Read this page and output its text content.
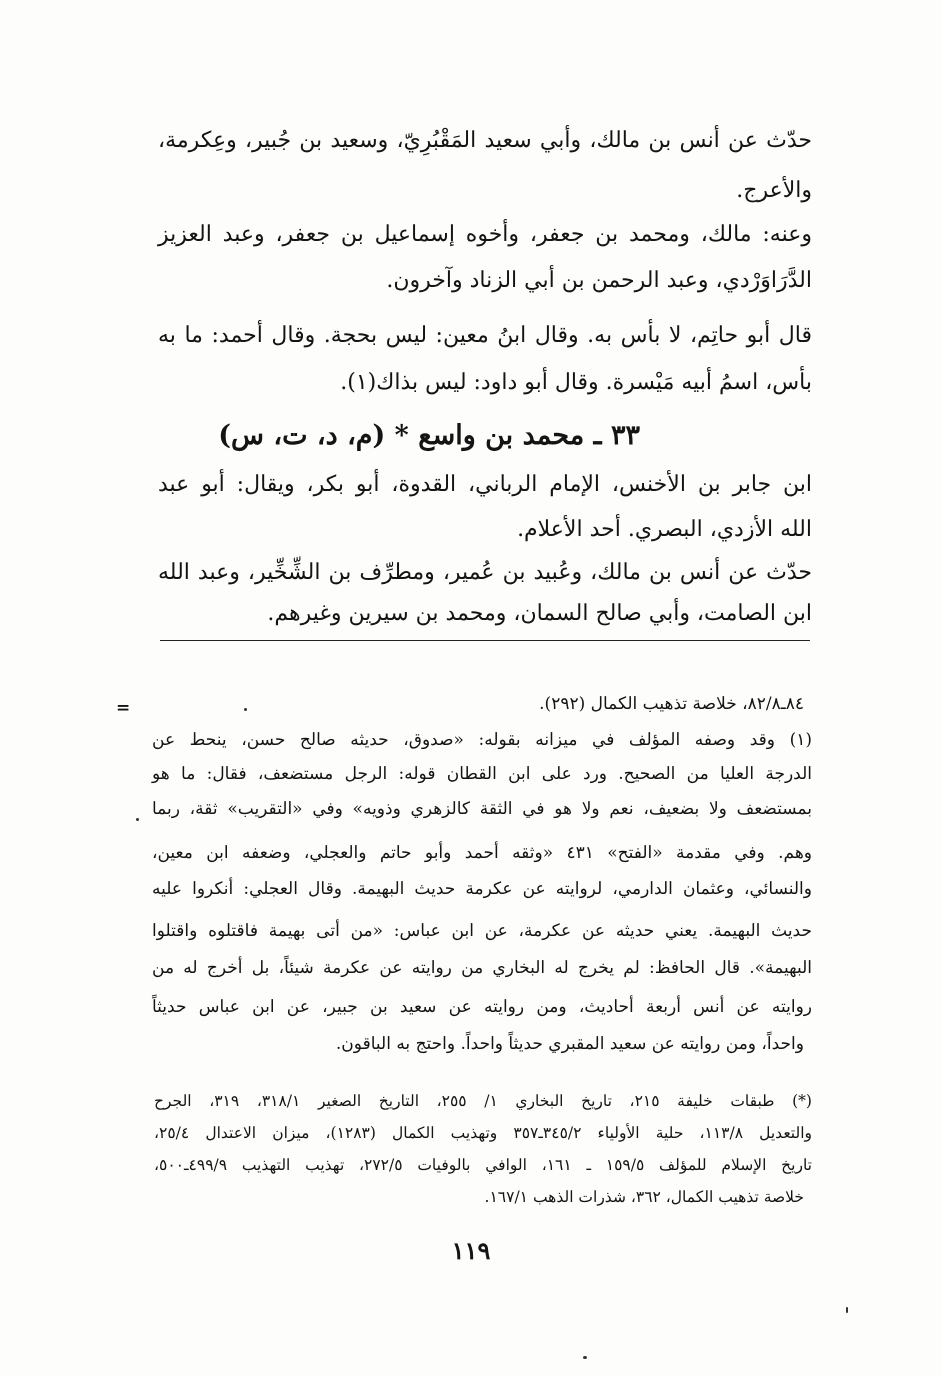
حدّث عن أنس بن مالك، وأبي سعيد المَقْبُرِيّ، وسعيد بن جُبير، وعِكرمة،
والأعرج.
وعنه: مالك، ومحمد بن جعفر، وأخوه إسماعيل بن جعفر، وعبد العزيز
الدَّرَاوَرْدي، وعبد الرحمن بن أبي الزناد وآخرون.
قال أبو حاتِم، لا بأس به. وقال ابنُ معين: ليس بحجة. وقال أحمد: ما به
بأس، اسمُ أبيه مَيْسرة. وقال أبو داود: ليس بذاك(١).
٣٣ ـ محمد بن واسع * (م، د، ت، س)
ابن جابر بن الأخنس، الإمام الرباني، القدوة، أبو بكر، ويقال: أبو عبد
الله الأزدي، البصري. أحد الأعلام.
حدّث عن أنس بن مالك، وعُبيد بن عُمير، ومطرِّف بن الشِّخِّير، وعبد الله
ابن الصامت، وأبي صالح السمان، ومحمد بن سيرين وغيرهم.
=	٨٤ـ٨٢/٨، خلاصة تذهيب الكمال (٢٩٢).
(١) وقد وصفه المؤلف في ميزانه بقوله: «صدوق، حديثه صالح حسن، ينحط عن
الدرجة العليا من الصحيح. ورد على ابن القطان قوله: الرجل مستضعف، فقال: ما هو
بمستضعف ولا بضعيف، نعم ولا هو في الثقة كالزهري وذويه» وفي «التقريب» ثقة، ربما
وهم. وفي مقدمة «الفتح» ٤٣١ «وثقه أحمد وأبو حاتم والعجلي، وضعفه ابن معين،
والنسائي، وعثمان الدارمي، لروايته عن عكرمة حديث البهيمة. وقال العجلي: أنكروا عليه
حديث البهيمة. يعني حديثه عن عكرمة، عن ابن عباس: «من أتى بهيمة فاقتلوه واقتلوا
البهيمة». قال الحافظ: لم يخرج له البخاري من روايته عن عكرمة شيئاً، بل أخرج له من
روايته عن أنس أربعة أحاديث، ومن روايته عن سعيد بن جبير، عن ابن عباس حديثاً
واحداً، ومن روايته عن سعيد المقبري حديثاً واحداً. واحتج به الباقون.
(*) طبقات خليفة ٢١٥، تاريخ البخاري ١/ ٢٥٥، التاريخ الصغير ٣١٨/١، ٣١٩، الجرح
والتعديل ١١٣/٨، حلية الأولياء ٣٤٥/٢ـ٣٥٧ وتهذيب الكمال (١٢٨٣)، ميزان الاعتدال ٢٥/٤،
تاريخ الإسلام للمؤلف ١٥٩/٥ ـ ١٦١، الوافي بالوفيات ٢٧٢/٥، تهذيب التهذيب ٤٩٩/٩ـ٥٠٠،
خلاصة تذهيب الكمال، ٣٦٢، شذرات الذهب ١٦٧/١.
١١٩
